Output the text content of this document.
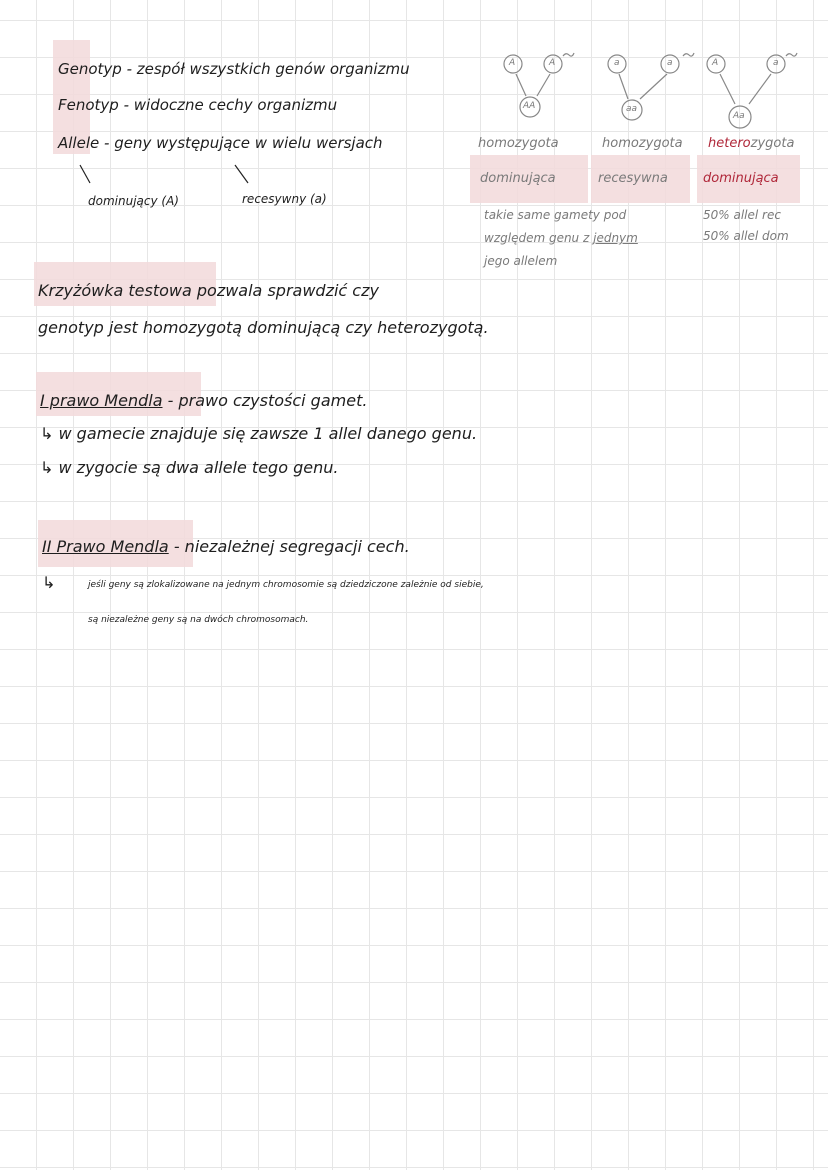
Genotyp - zespół wszystkich genów organizmu
Fenotyp - widoczne cechy organizmu
Allele - geny występujące w wielu wersjach
dominujący (A)	recesywny (a)
A	A
AA
a	a
aa
A	a
Aa
homozygota
dominująca
homozygota
recesywna
heterozygota
dominująca
takie same gamety pod
względem genu z jednym
jego allelem
50% allel rec
50% allel dom
Krzyżówka testowa pozwala sprawdzić czy
genotyp jest homozygotą dominującą czy heterozygotą.
I prawo Mendla - prawo czystości gamet.
↳ w gamecie znajduje się zawsze 1 allel danego genu.
↳ w zygocie są dwa allele tego genu.
II Prawo Mendla - niezależnej segregacji cech.
↳	jeśli geny są zlokalizowane na jednym chromosomie są dziedziczone zależnie od siebie,
są niezależne geny są na dwóch chromosomach.
